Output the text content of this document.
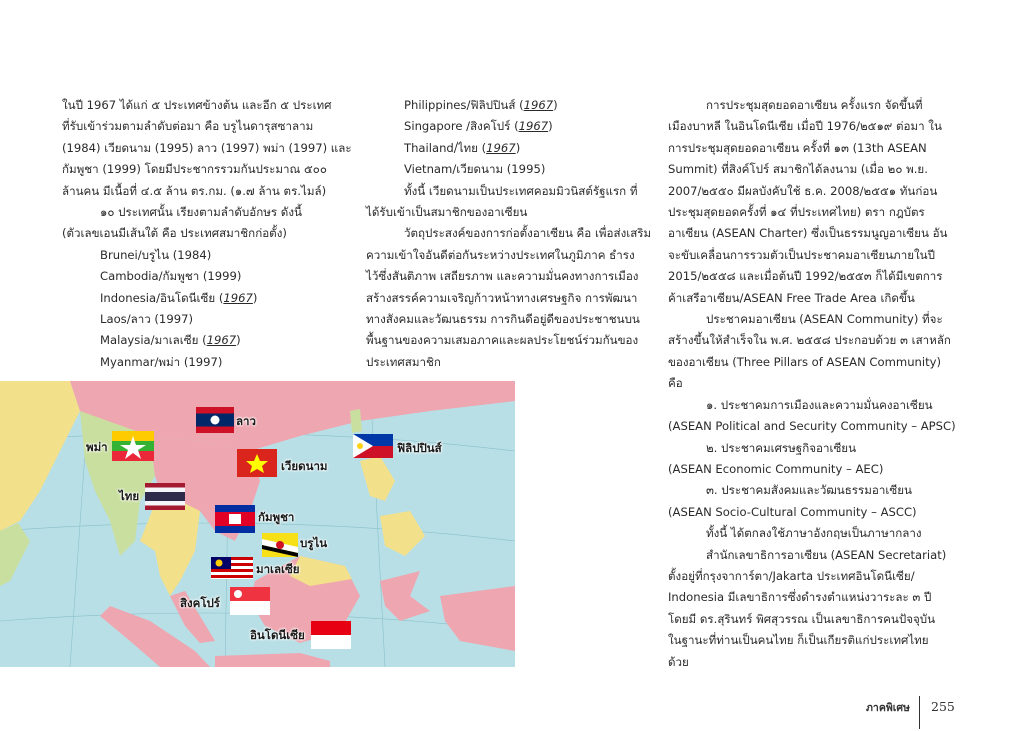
ในปี 1967 ได้แก่ ๕ ประเทศข้างต้น และอีก ๕ ประเทศ

ที่รับเข้าร่วมตามลำดับต่อมา คือ บรูไนดารุสซาลาม

(1984) เวียดนาม (1995) ลาว (1997) พม่า (1997) และ

กัมพูชา (1999) โดยมีประชากรรวมกันประมาณ ๕๐๐

ล้านคน มีเนื้อที่ ๔.๕ ล้าน ตร.กม. (๑.๗ ล้าน ตร.ไมล์)

๑๐ ประเทศนั้น เรียงตามลำดับอักษร ดังนี้

(ตัวเลขเอนมีเส้นใต้ คือ ประเทศสมาชิกก่อตั้ง)

Brunei/บรูไน (1984)

Cambodia/กัมพูชา (1999)

Indonesia/อินโดนีเซีย (1967)

Laos/ลาว (1997)

Malaysia/มาเลเซีย (1967)

Myanmar/พม่า (1997)

Philippines/ฟิลิปปินส์ (1967)

Singapore /สิงคโปร์ (1967)

Thailand/ไทย (1967)

Vietnam/เวียดนาม (1995)

ทั้งนี้ เวียดนามเป็นประเทศคอมมิวนิสต์รัฐแรก ที่

ได้รับเข้าเป็นสมาชิกของอาเซียน

วัตถุประสงค์ของการก่อตั้งอาเซียน คือ เพื่อส่งเสริม

ความเข้าใจอันดีต่อกันระหว่างประเทศในภูมิภาค ธำรง

ไว้ซึ่งสันติภาพ เสถียรภาพ และความมั่นคงทางการเมือง

สร้างสรรค์ความเจริญก้าวหน้าทางเศรษฐกิจ การพัฒนา

ทางสังคมและวัฒนธรรม การกินดีอยู่ดีของประชาชนบน

พื้นฐานของความเสมอภาคและผลประโยชน์ร่วมกันของ

ประเทศสมาชิก

การประชุมสุดยอดอาเซียน ครั้งแรก จัดขึ้นที่

เมืองบาหลี ในอินโดนีเซีย เมื่อปี 1976/๒๕๑๙ ต่อมา ใน

การประชุมสุดยอดอาเซียน ครั้งที่ ๑๓ (13th ASEAN

Summit) ที่สิงค์โปร์ สมาชิกได้ลงนาม (เมื่อ ๒๐ พ.ย.

2007/๒๕๕๐ มีผลบังคับใช้ ธ.ค. 2008/๒๕๕๑ ทันก่อน

ประชุมสุดยอดครั้งที่ ๑๔ ที่ประเทศไทย) ตรา กฎบัตร

อาเซียน (ASEAN Charter) ซึ่งเป็นธรรมนูญอาเซียน อัน

จะขับเคลื่อนการรวมตัวเป็นประชาคมอาเซียนภายในปี

2015/๒๕๕๘ และเมื่อต้นปี 1992/๒๕๕๓ ก็ได้มีเขตการ

ค้าเสรีอาเซียน/ASEAN Free Trade Area เกิดขึ้น

ประชาคมอาเซียน (ASEAN Community) ที่จะ

สร้างขึ้นให้สำเร็จใน พ.ศ. ๒๕๕๘ ประกอบด้วย ๓ เสาหลัก

ของอาเซียน (Three Pillars of ASEAN Community)

คือ

๑. ประชาคมการเมืองและความมั่นคงอาเซียน

(ASEAN Political and Security Community – APSC)

๒. ประชาคมเศรษฐกิจอาเซียน

(ASEAN Economic Community – AEC)

๓. ประชาคมสังคมและวัฒนธรรมอาเซียน

(ASEAN Socio-Cultural Community – ASCC)

ทั้งนี้ ได้ตกลงใช้ภาษาอังกฤษเป็นภาษากลาง

สำนักเลขาธิการอาเซียน (ASEAN Secretariat)

ตั้งอยู่ที่กรุงจาการ์ตา/Jakarta ประเทศอินโดนีเซีย/

Indonesia มีเลขาธิการซึ่งดำรงตำแหน่งวาระละ ๓ ปี

โดยมี ดร.สุรินทร์ พิศสุวรรณ เป็นเลขาธิการคนปัจจุบัน

ในฐานะที่ท่านเป็นคนไทย ก็เป็นเกียรติแก่ประเทศไทย

ด้วย

ลาว
พม่า
เวียดนาม
ฟิลิปปินส์
ไทย
กัมพูชา
บรูไน
มาเลเซีย
สิงคโปร์
อินโดนีเซีย
ภาคพิเศษ 255
